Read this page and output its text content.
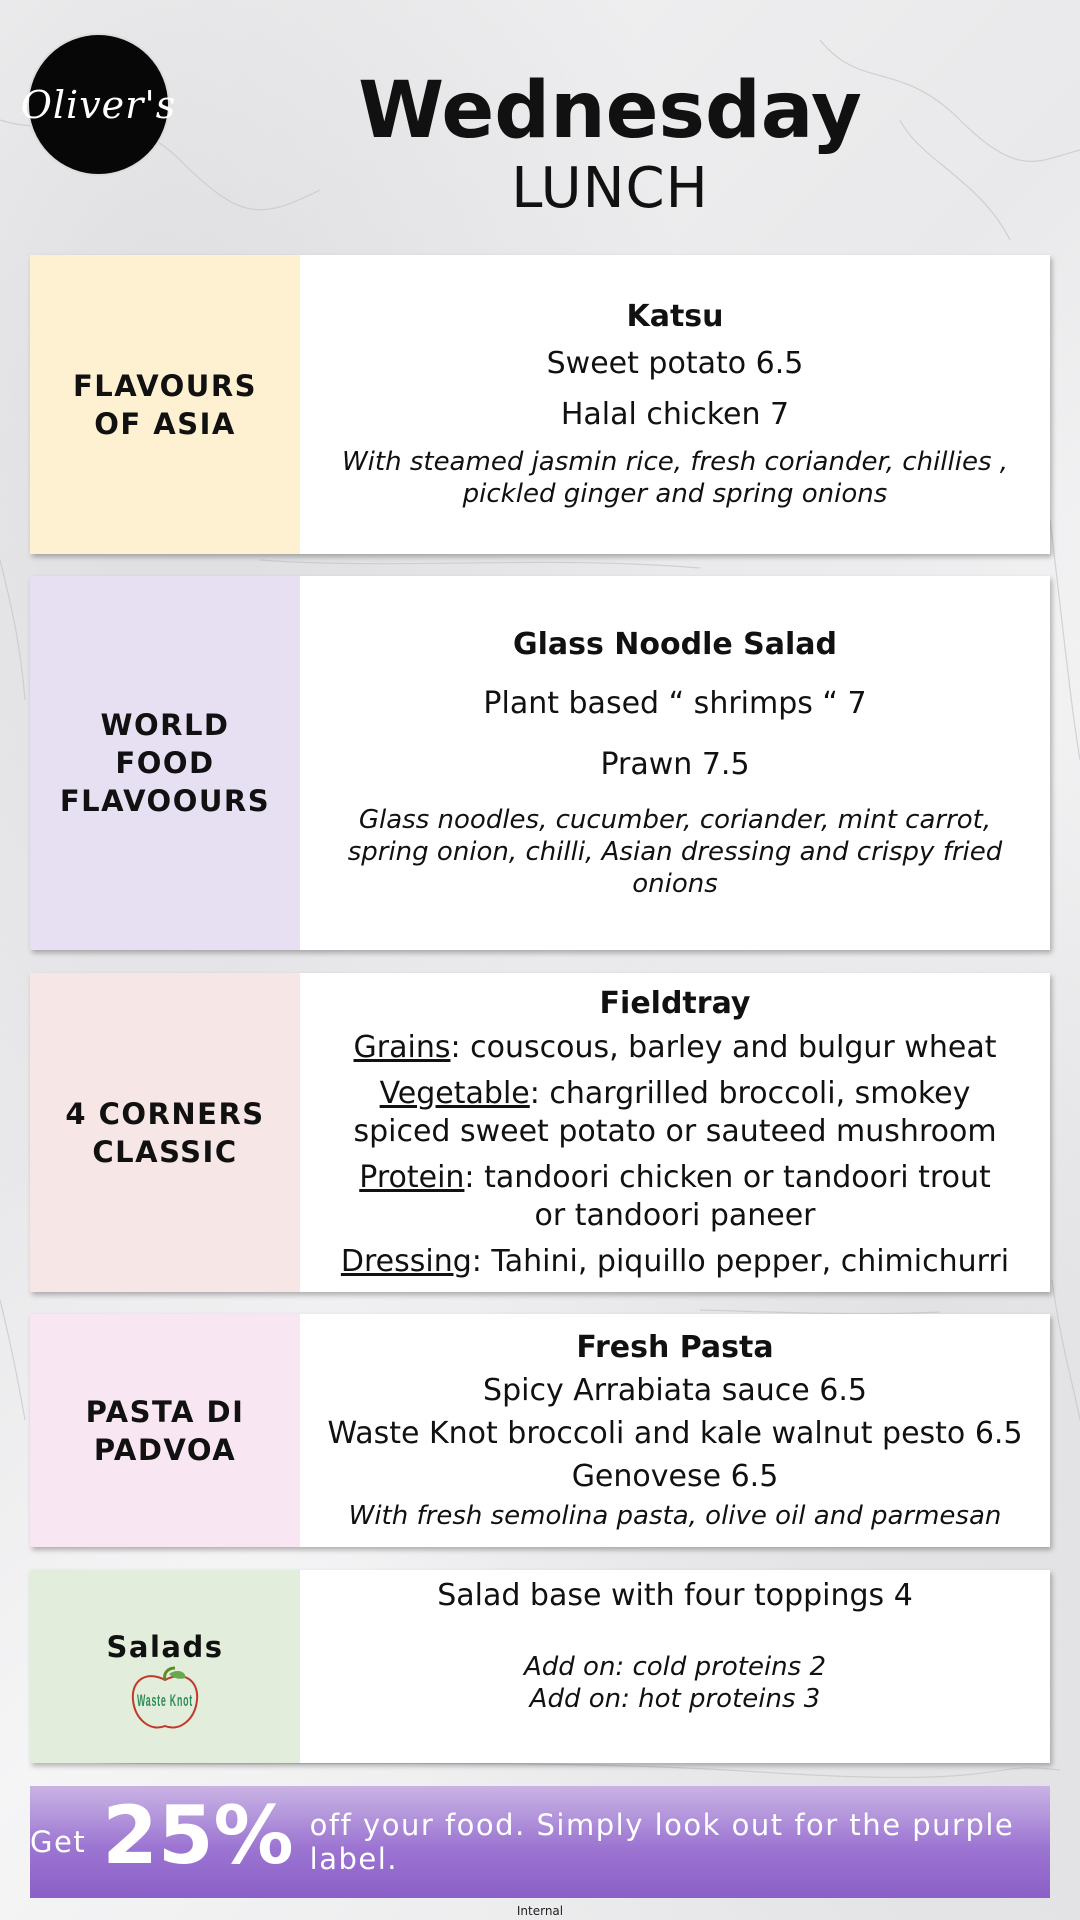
Oliver's	Wednesday
LUNCH
FLAVOURS OF ASIA
Katsu
Sweet potato 6.5
Halal chicken 7
With steamed jasmin rice, fresh coriander, chillies , pickled ginger and spring onions
WORLD FOOD FLAVOOURS
Glass Noodle Salad
Plant based “ shrimps “ 7
Prawn 7.5
Glass noodles, cucumber, coriander, mint carrot, spring onion, chilli, Asian dressing and crispy fried onions
4 CORNERS CLASSIC
Fieldtray
Grains: couscous, barley and bulgur wheat
Vegetable: chargrilled broccoli, smokey spiced sweet potato or sauteed mushroom
Protein: tandoori chicken or tandoori trout or tandoori paneer
Dressing: Tahini, piquillo pepper, chimichurri
PASTA DI PADVOA
Fresh Pasta
Spicy Arrabiata sauce 6.5
Waste Knot broccoli and kale walnut pesto 6.5
Genovese 6.5
With fresh semolina pasta, olive oil and parmesan
Salads
Waste Knot
Salad base with four toppings 4
Add on: cold proteins 2
Add on: hot proteins 3
Get 25% off your food. Simply look out for the purple label.
Internal
